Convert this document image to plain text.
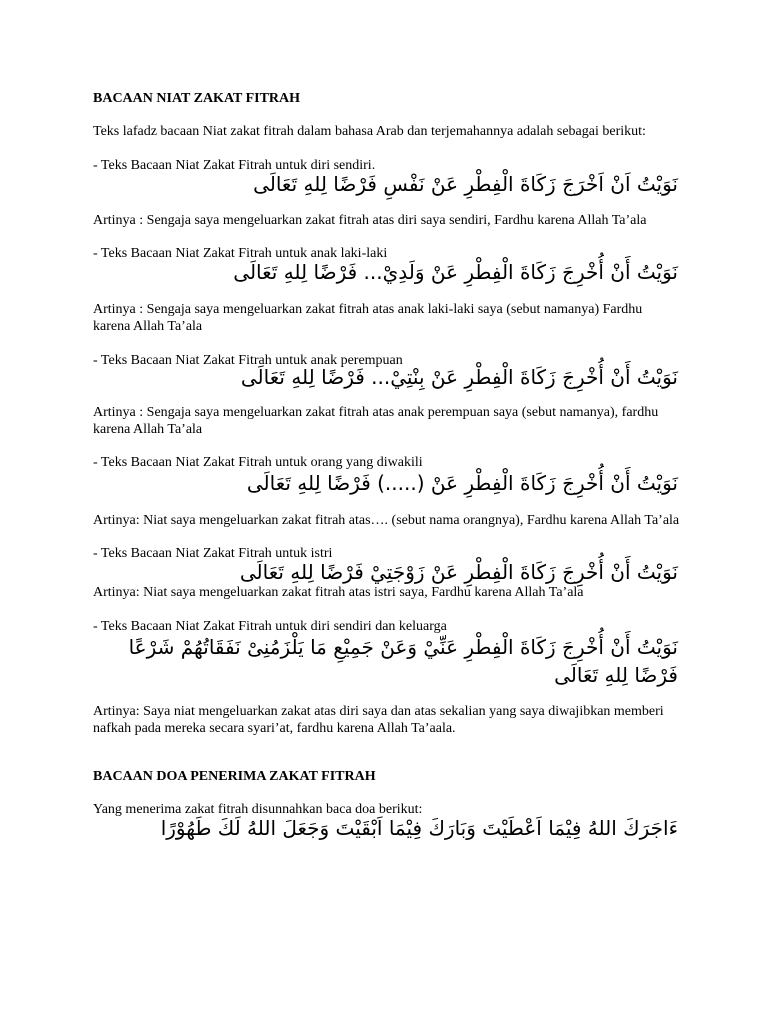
BACAAN NIAT ZAKAT FITRAH

Teks lafadz bacaan Niat zakat fitrah dalam bahasa Arab dan terjemahannya adalah sebagai berikut:

- Teks Bacaan Niat Zakat Fitrah untuk diri sendiri.

نَوَيْتُ اَنْ اَخْرَجَ زَكَاةَ الْفِطْرِ عَنْ نَفْسِ فَرْضًا لِلهِ تَعَالَى

Artinya : Sengaja saya mengeluarkan zakat fitrah atas diri saya sendiri, Fardhu karena Allah Ta’ala

- Teks Bacaan Niat Zakat Fitrah untuk anak laki-laki

نَوَيْتُ أَنْ أُخْرِجَ زَكَاةَ الْفِطْرِ عَنْ وَلَدِيْ... فَرْضًا لِلهِ تَعَالَى

Artinya : Sengaja saya mengeluarkan zakat fitrah atas anak laki-laki saya (sebut namanya) Fardhu karena Allah Ta’ala

- Teks Bacaan Niat Zakat Fitrah untuk anak perempuan

نَوَيْتُ أَنْ أُخْرِجَ زَكَاةَ الْفِطْرِ عَنْ بِنْتِيْ... فَرْضًا لِلهِ تَعَالَى

Artinya : Sengaja saya mengeluarkan zakat fitrah atas anak perempuan saya (sebut namanya), fardhu karena Allah Ta’ala

- Teks Bacaan Niat Zakat Fitrah untuk orang yang diwakili

نَوَيْتُ أَنْ أُخْرِجَ زَكَاةَ الْفِطْرِ عَنْ (.....) فَرْضًا لِلهِ تَعَالَى

Artinya: Niat saya mengeluarkan zakat fitrah atas…. (sebut nama orangnya), Fardhu karena Allah Ta’ala

- Teks Bacaan Niat Zakat Fitrah untuk istri

نَوَيْتُ أَنْ أُخْرِجَ زَكَاةَ الْفِطْرِ عَنْ زَوْجَتِيْ فَرْضًا لِلهِ تَعَالَى

Artinya: Niat saya mengeluarkan zakat fitrah atas istri saya, Fardhu karena Allah Ta’ala

- Teks Bacaan Niat Zakat Fitrah untuk diri sendiri dan keluarga

نَوَيْتُ أَنْ أُخْرِجَ زَكَاةَ الْفِطْرِ عَنِّيْ وَعَنْ جَمِيْعِ مَا يَلْزَمُنِىْ نَفَقَاتُهُمْ شَرْعًا فَرْضًا لِلهِ تَعَالَى

Artinya: Saya niat mengeluarkan zakat atas diri saya dan atas sekalian yang saya diwajibkan memberi nafkah pada mereka secara syari’at, fardhu karena Allah Ta’aala.

BACAAN DOA PENERIMA ZAKAT FITRAH

Yang menerima zakat fitrah disunnahkan baca doa berikut:

ءَاجَرَكَ اللهُ فِيْمَا اَعْطَيْتَ وَبَارَكَ فِيْمَا اَبْقَيْتَ وَجَعَلَ اللهُ لَكَ طَهُوْرًا
